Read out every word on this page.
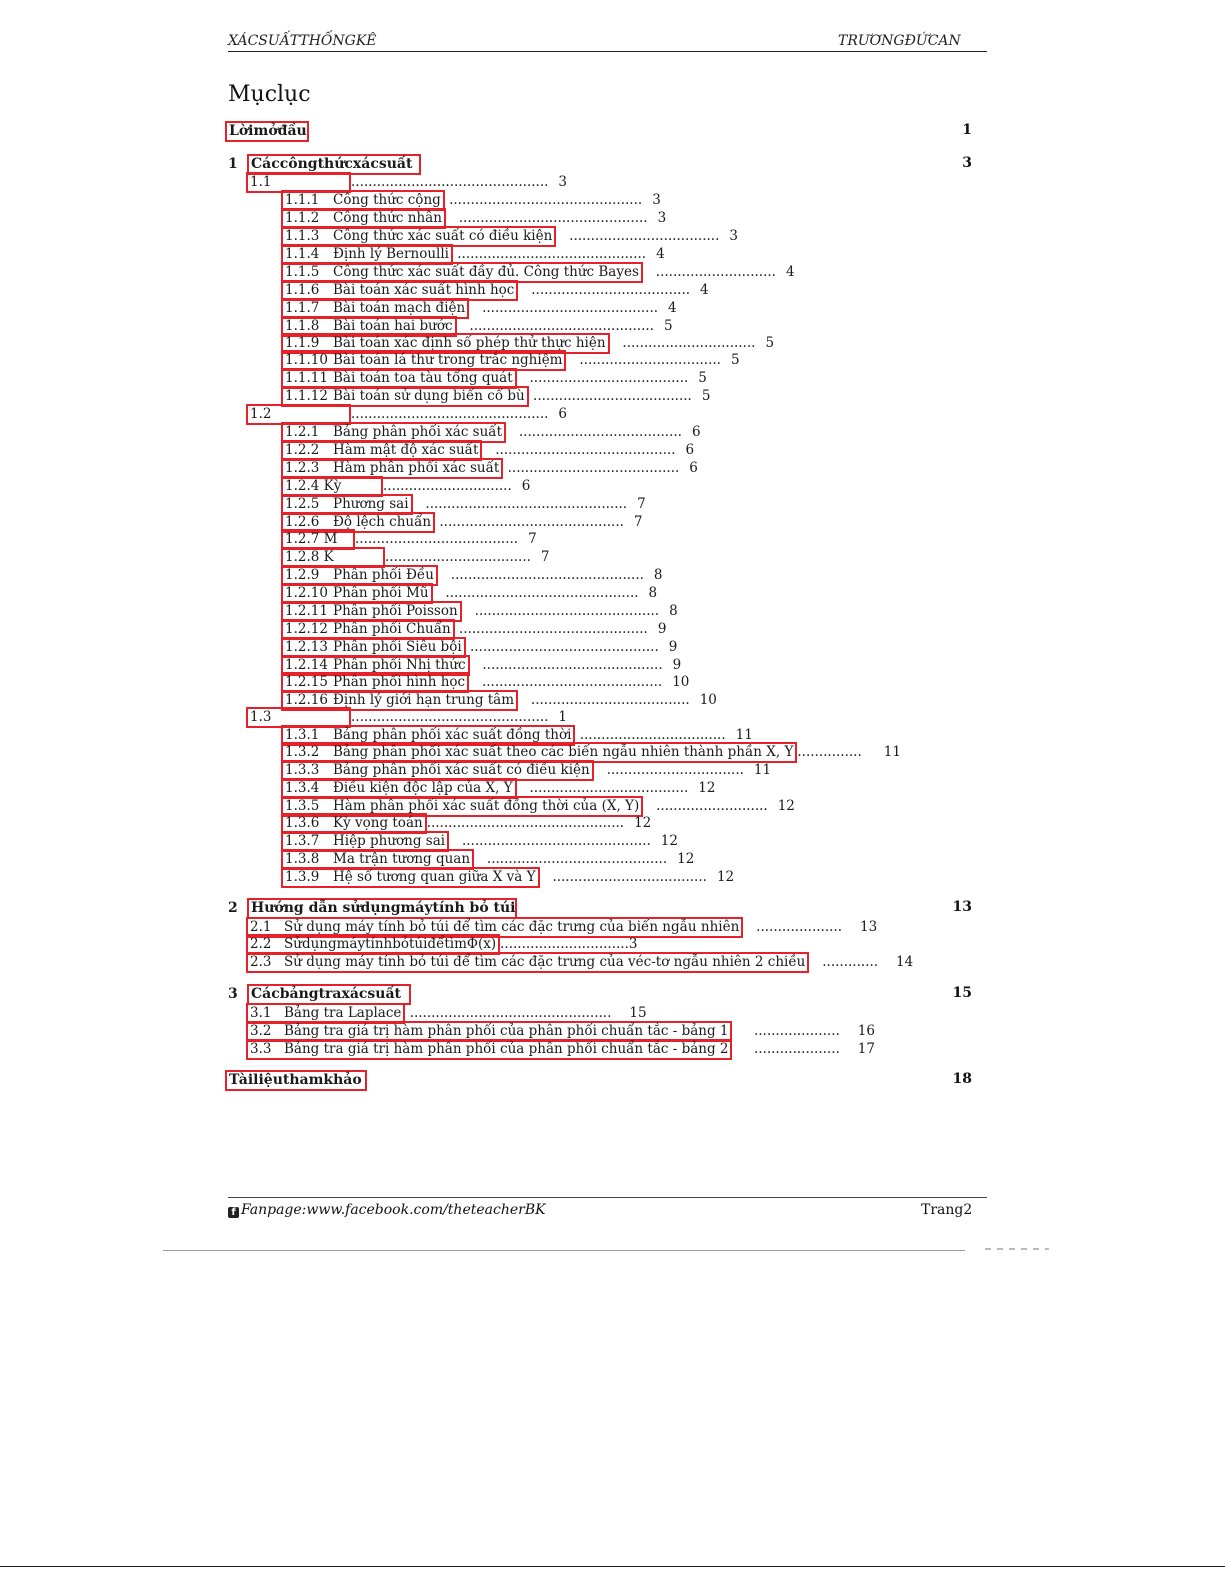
XÁCSUẤTTHỐNGKÊ	TRƯƠNGĐỨCAN
Mụclục
Lờimởđầu	1
1 Cáccôngthứcxácsuất	3
1.1	.............................................. 3
1.1.1 Công thức cộng ............................................. 3
1.1.2 Công thức nhân ............................................ 3
1.1.3 Công thức xác suất có điều kiện ................................... 3
1.1.4 Định lý Bernoulli ............................................ 4
1.1.5 Công thức xác suất đầy đủ. Công thức Bayes ............................ 4
1.1.6 Bài toán xác suất hình học ..................................... 4
1.1.7 Bài toán mạch điện ......................................... 4
1.1.8 Bài toán hai bước ........................................... 5
1.1.9 Bài toán xác định số phép thử thực hiện ............................... 5
1.1.10 Bài toán lá thư trong trắc nghiệm ................................. 5
1.1.11 Bài toán toa tàu tổng quát ..................................... 5
1.1.12 Bài toán sử dụng biến cố bù ..................................... 5
1.2	.............................................. 6
1.2.1 Bảng phân phối xác suất ...................................... 6
1.2.2 Hàm mật độ xác suất .......................................... 6
1.2.3 Hàm phân phối xác suất ........................................ 6
1.2.4 Kỳ	.............................. 6
1.2.5 Phương sai ............................................... 7
1.2.6 Độ lệch chuẩn ........................................... 7
1.2.7 M ...................................... 7
1.2.8 K	.................................. 7
1.2.9 Phân phối Đều ............................................. 8
1.2.10 Phân phối Mũ ............................................. 8
1.2.11 Phân phối Poisson ........................................... 8
1.2.12 Phân phối Chuẩn ............................................ 9
1.2.13 Phân phối Siêu bội ............................................ 9
1.2.14 Phân phối Nhị thức .......................................... 9
1.2.15 Phân phối hình học .......................................... 10
1.2.16 Định lý giới hạn trung tâm ..................................... 10
1.3	.............................................. 1
1.3.1 Bảng phân phối xác suất đồng thời .................................. 11
1.3.2 Bảng phân phối xác suất theo các biến ngẫu nhiên thành phần X, Y ............... 11
1.3.3 Bảng phân phối xác suất có điều kiện ................................ 11
1.3.4 Điều kiện độc lập của X, Y ..................................... 12
1.3.5 Hàm phân phối xác suất đồng thời của (X, Y) .......................... 12
1.3.6 Kỳ vọng toán .............................................. 12
1.3.7 Hiệp phương sai ............................................ 12
1.3.8 Ma trận tương quan .......................................... 12
1.3.9 Hệ số tương quan giữa X và Y .................................... 12
2 Hướng dẫn sửdụngmáytính bỏ túi	13
2.1 Sử dụng máy tính bỏ túi để tìm các đặc trưng của biến ngẫu nhiên .................... 13
2.2 SửdụngmáytínhbỏtúiđểtìmΦ(x) ..............................3
2.3 Sử dụng máy tính bỏ túi để tìm các đặc trưng của véc-tơ ngẫu nhiên 2 chiều ............. 14
3 Cácbảngtraxácsuất	15
3.1 Bảng tra Laplace ............................................... 15
3.2 Bảng tra giá trị hàm phân phối của phân phối chuẩn tắc - bảng 1 .................... 16
3.3 Bảng tra giá trị hàm phân phối của phân phối chuẩn tắc - bảng 2 .................... 17
Tàiliệuthamkhảo	18
f Fanpage:www.facebook.com/theteacherBK	Trang2
